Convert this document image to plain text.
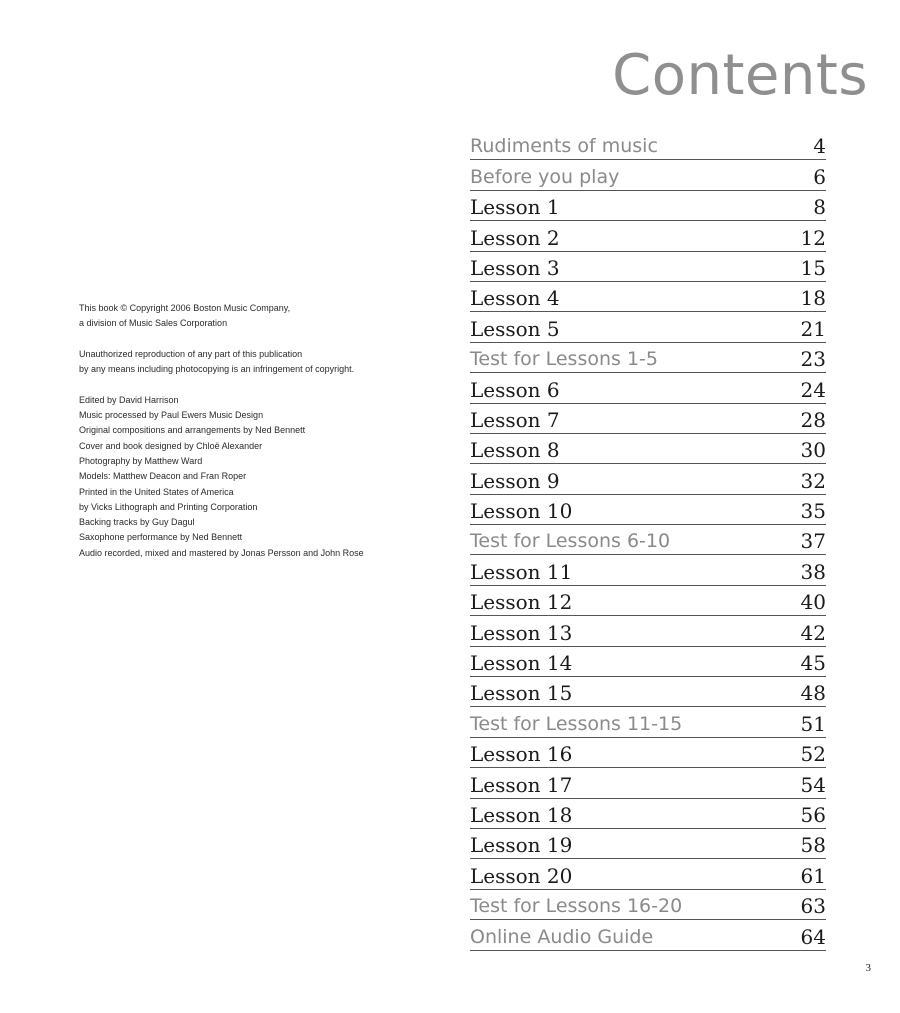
Contents
This book © Copyright 2006 Boston Music Company,
a division of Music Sales Corporation
Unauthorized reproduction of any part of this publication
by any means including photocopying is an infringement of copyright.
Edited by David Harrison
Music processed by Paul Ewers Music Design
Original compositions and arrangements by Ned Bennett
Cover and book designed by Chloë Alexander
Photography by Matthew Ward
Models: Matthew Deacon and Fran Roper
Printed in the United States of America
by Vicks Lithograph and Printing Corporation
Backing tracks by Guy Dagul
Saxophone performance by Ned Bennett
Audio recorded, mixed and mastered by Jonas Persson and John Rose
Rudiments of music	4
Before you play	6
Lesson 1	8
Lesson 2	12
Lesson 3	15
Lesson 4	18
Lesson 5	21
Test for Lessons 1-5	23
Lesson 6	24
Lesson 7	28
Lesson 8	30
Lesson 9	32
Lesson 10	35
Test for Lessons 6-10	37
Lesson 11	38
Lesson 12	40
Lesson 13	42
Lesson 14	45
Lesson 15	48
Test for Lessons 11-15	51
Lesson 16	52
Lesson 17	54
Lesson 18	56
Lesson 19	58
Lesson 20	61
Test for Lessons 16-20	63
Online Audio Guide	64
3
